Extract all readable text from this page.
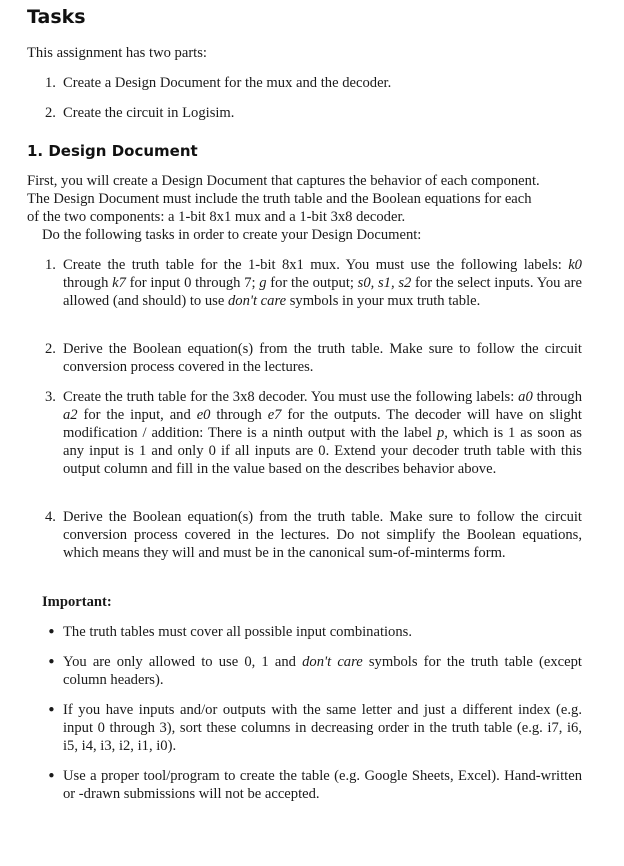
Tasks

This assignment has two parts:

1. Create a Design Document for the mux and the decoder.

2. Create the circuit in Logisim.

1. Design Document

First, you will create a Design Document that captures the behavior of each component.
The Design Document must include the truth table and the Boolean equations for each
of the two components: a 1-bit 8x1 mux and a 1-bit 3x8 decoder.

Do the following tasks in order to create your Design Document:

1. Create the truth table for the 1-bit 8x1 mux. You must use the following labels: k0 through k7 for input 0 through 7; g for the output; s0, s1, s2 for the select inputs. You are allowed (and should) to use don't care symbols in your mux truth table.

2. Derive the Boolean equation(s) from the truth table. Make sure to follow the circuit conversion process covered in the lectures.

3. Create the truth table for the 3x8 decoder. You must use the following labels: a0 through a2 for the input, and e0 through e7 for the outputs. The decoder will have on slight modification / addition: There is a ninth output with the label p, which is 1 as soon as any input is 1 and only 0 if all inputs are 0. Extend your decoder truth table with this output column and fill in the value based on the describes behavior above.

4. Derive the Boolean equation(s) from the truth table. Make sure to follow the circuit conversion process covered in the lectures. Do not simplify the Boolean equations, which means they will and must be in the canonical sum-of-minterms form.

Important:

• The truth tables must cover all possible input combinations.

• You are only allowed to use 0, 1 and don't care symbols for the truth table (except column headers).

• If you have inputs and/or outputs with the same letter and just a different index (e.g. input 0 through 3), sort these columns in decreasing order in the truth table (e.g. i7, i6, i5, i4, i3, i2, i1, i0).

• Use a proper tool/program to create the table (e.g. Google Sheets, Excel). Hand-written or -drawn submissions will not be accepted.
